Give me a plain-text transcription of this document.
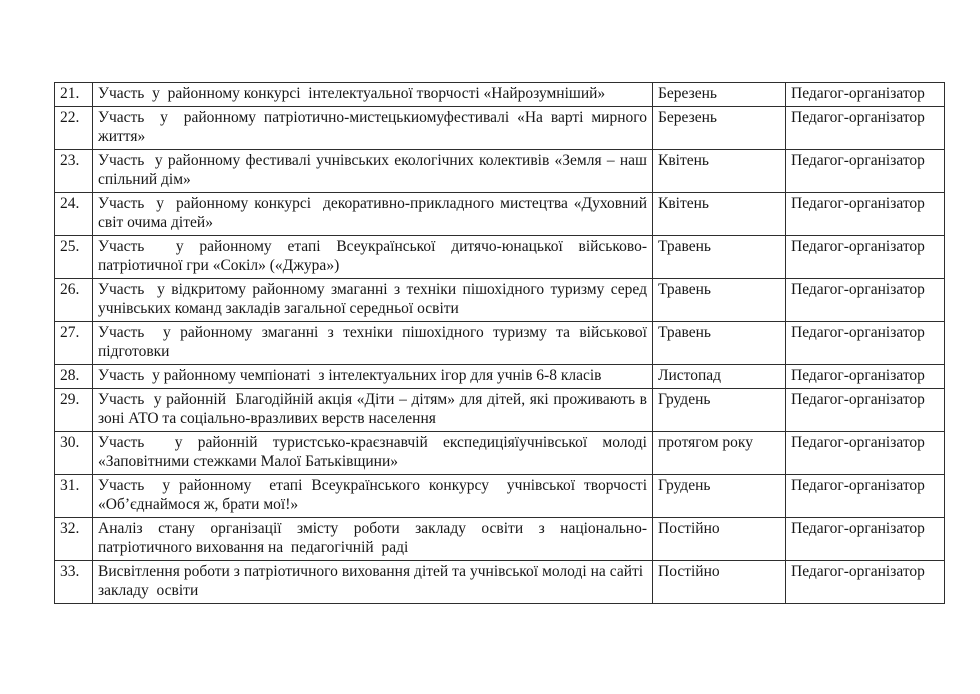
21.	Участь  у  районному конкурсі  інтелектуальної творчості «Найрозумніший»	Березень	Педагог-організатор
22.	Участь  у  районному патріотично-мистецькиомуфестивалі «На варті мирного життя»	Березень	Педагог-організатор
23.	Участь  у районному фестивалі учнівських екологічних колективів «Земля – наш спільний дім»	Квітень	Педагог-організатор
24.	Участь  у  районному конкурсі  декоративно-прикладного мистецтва «Духовний світ очима дітей»	Квітень	Педагог-організатор
25.	Участь  у районному етапі Всеукраїнської дитячо-юнацької військово-патріотичної гри «Сокіл» («Джура»)	Травень	Педагог-організатор
26.	Участь  у відкритому районному змаганні з техніки пішохідного туризму серед учнівських команд закладів загальної середньої освіти	Травень	Педагог-організатор
27.	Участь  у районному змаганні з техніки пішохідного туризму та військової підготовки	Травень	Педагог-організатор
28.	Участь  у районному чемпіонаті  з інтелектуальних ігор для учнів 6-8 класів	Листопад	Педагог-організатор
29.	Участь  у районній  Благодійній акція «Діти – дітям» для дітей, які проживають в зоні АТО та соціально-вразливих верств населення	Грудень	Педагог-організатор
30.	Участь  у районній туристсько-краєзнавчій експедиціяїучнівської молоді «Заповітними стежками Малої Батьківщини»	протягом року	Педагог-організатор
31.	Участь  у районному  етапі Всеукраїнського конкурсу  учнівської творчості «Об’єднаймося ж, брати мої!»	Грудень	Педагог-організатор
32.	Аналіз стану організації змісту роботи закладу освіти з національно-патріотичного виховання на  педагогічній  раді	Постійно	Педагог-організатор
33.	Висвітлення роботи з патріотичного виховання дітей та учнівської молоді на сайті  закладу  освіти	Постійно	Педагог-організатор
